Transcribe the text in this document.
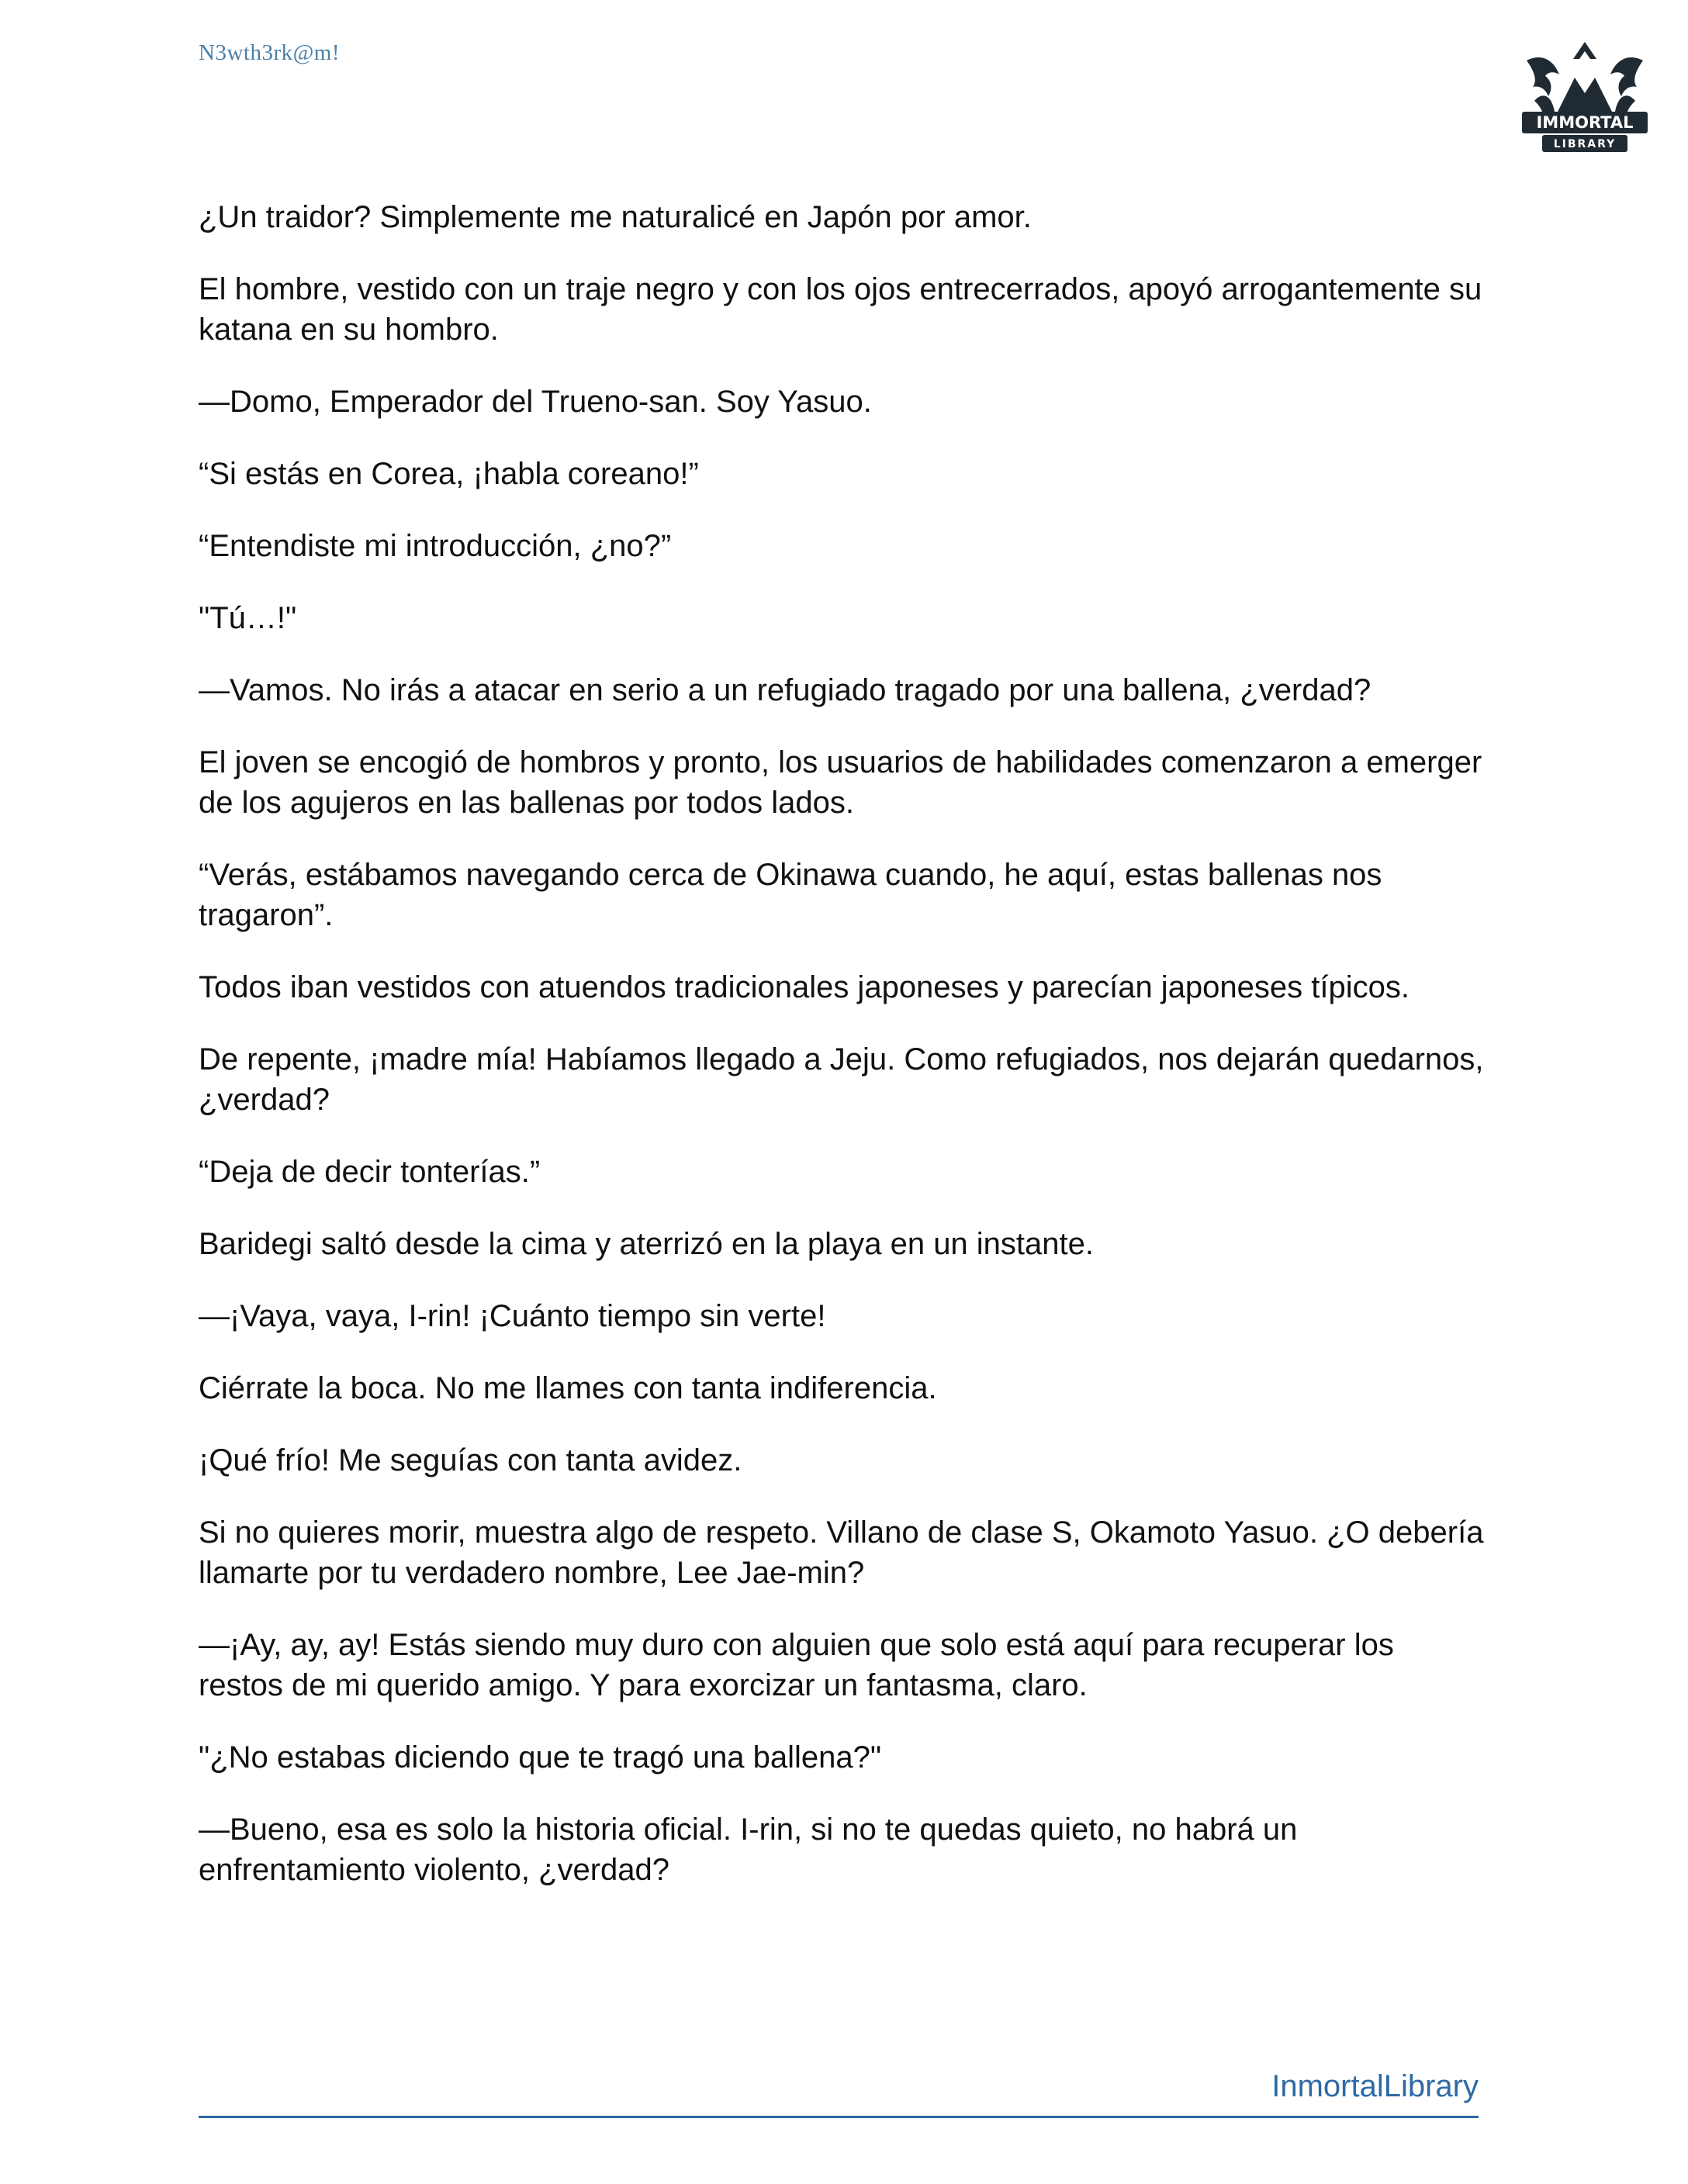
N3wth3rk@m!
IMMORTAL
LIBRARY

¿Un traidor? Simplemente me naturalicé en Japón por amor.

El hombre, vestido con un traje negro y con los ojos entrecerrados, apoyó arrogantemente su katana en su hombro.

—Domo, Emperador del Trueno-san. Soy Yasuo.

“Si estás en Corea, ¡habla coreano!”

“Entendiste mi introducción, ¿no?”

"Tú…!"

—Vamos. No irás a atacar en serio a un refugiado tragado por una ballena, ¿verdad?

El joven se encogió de hombros y pronto, los usuarios de habilidades comenzaron a emerger de los agujeros en las ballenas por todos lados.

“Verás, estábamos navegando cerca de Okinawa cuando, he aquí, estas ballenas nos tragaron”.

Todos iban vestidos con atuendos tradicionales japoneses y parecían japoneses típicos.

De repente, ¡madre mía! Habíamos llegado a Jeju. Como refugiados, nos dejarán quedarnos, ¿verdad?

“Deja de decir tonterías.”

Baridegi saltó desde la cima y aterrizó en la playa en un instante.

—¡Vaya, vaya, I-rin! ¡Cuánto tiempo sin verte!

Ciérrate la boca. No me llames con tanta indiferencia.

¡Qué frío! Me seguías con tanta avidez.

Si no quieres morir, muestra algo de respeto. Villano de clase S, Okamoto Yasuo. ¿O debería llamarte por tu verdadero nombre, Lee Jae-min?

—¡Ay, ay, ay! Estás siendo muy duro con alguien que solo está aquí para recuperar los restos de mi querido amigo. Y para exorcizar un fantasma, claro.

"¿No estabas diciendo que te tragó una ballena?"

—Bueno, esa es solo la historia oficial. I-rin, si no te quedas quieto, no habrá un enfrentamiento violento, ¿verdad?

InmortalLibrary
